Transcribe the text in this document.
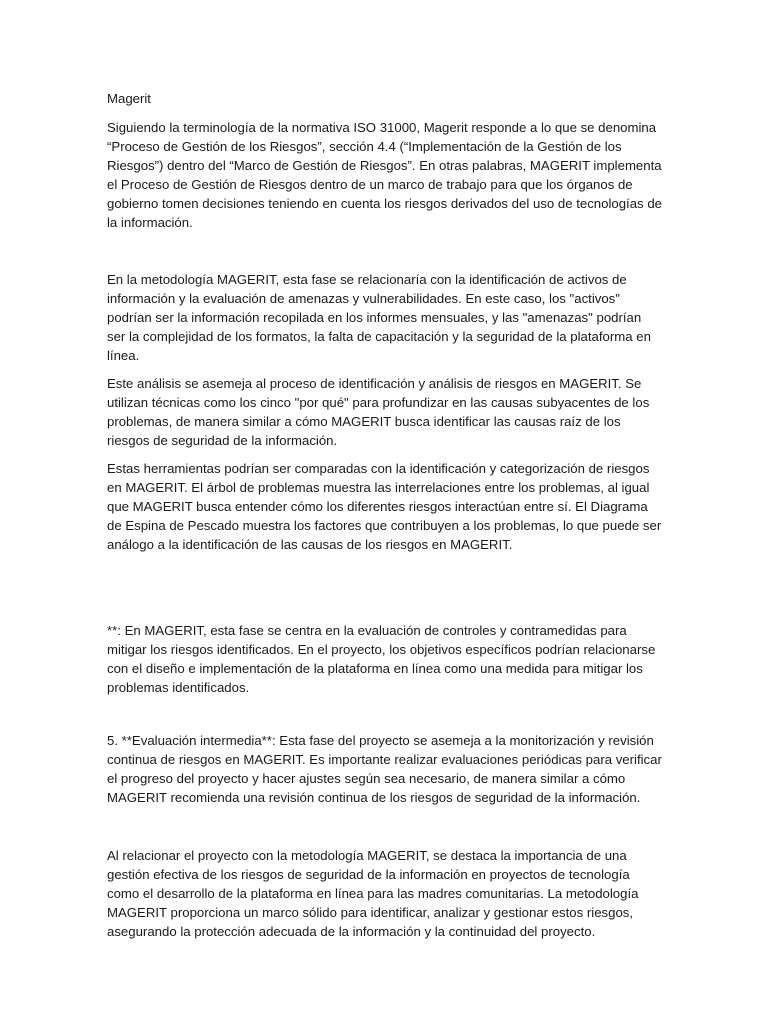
Magerit

Siguiendo la terminología de la normativa ISO 31000, Magerit responde a lo que se denomina “Proceso de Gestión de los Riesgos”, sección 4.4 (“Implementación de la Gestión de los Riesgos”) dentro del “Marco de Gestión de Riesgos”. En otras palabras, MAGERIT implementa el Proceso de Gestión de Riesgos dentro de un marco de trabajo para que los órganos de gobierno tomen decisiones teniendo en cuenta los riesgos derivados del uso de tecnologías de la información.

En la metodología MAGERIT, esta fase se relacionaría con la identificación de activos de información y la evaluación de amenazas y vulnerabilidades. En este caso, los "activos" podrían ser la información recopilada en los informes mensuales, y las "amenazas" podrían ser la complejidad de los formatos, la falta de capacitación y la seguridad de la plataforma en línea.

Este análisis se asemeja al proceso de identificación y análisis de riesgos en MAGERIT. Se utilizan técnicas como los cinco "por qué" para profundizar en las causas subyacentes de los problemas, de manera similar a cómo MAGERIT busca identificar las causas raíz de los riesgos de seguridad de la información.

Estas herramientas podrían ser comparadas con la identificación y categorización de riesgos en MAGERIT. El árbol de problemas muestra las interrelaciones entre los problemas, al igual que MAGERIT busca entender cómo los diferentes riesgos interactúan entre sí. El Diagrama de Espina de Pescado muestra los factores que contribuyen a los problemas, lo que puede ser análogo a la identificación de las causas de los riesgos en MAGERIT.

**: En MAGERIT, esta fase se centra en la evaluación de controles y contramedidas para mitigar los riesgos identificados. En el proyecto, los objetivos específicos podrían relacionarse con el diseño e implementación de la plataforma en línea como una medida para mitigar los problemas identificados.

5. **Evaluación intermedia**: Esta fase del proyecto se asemeja a la monitorización y revisión continua de riesgos en MAGERIT. Es importante realizar evaluaciones periódicas para verificar el progreso del proyecto y hacer ajustes según sea necesario, de manera similar a cómo MAGERIT recomienda una revisión continua de los riesgos de seguridad de la información.

Al relacionar el proyecto con la metodología MAGERIT, se destaca la importancia de una gestión efectiva de los riesgos de seguridad de la información en proyectos de tecnología como el desarrollo de la plataforma en línea para las madres comunitarias. La metodología MAGERIT proporciona un marco sólido para identificar, analizar y gestionar estos riesgos, asegurando la protección adecuada de la información y la continuidad del proyecto.
